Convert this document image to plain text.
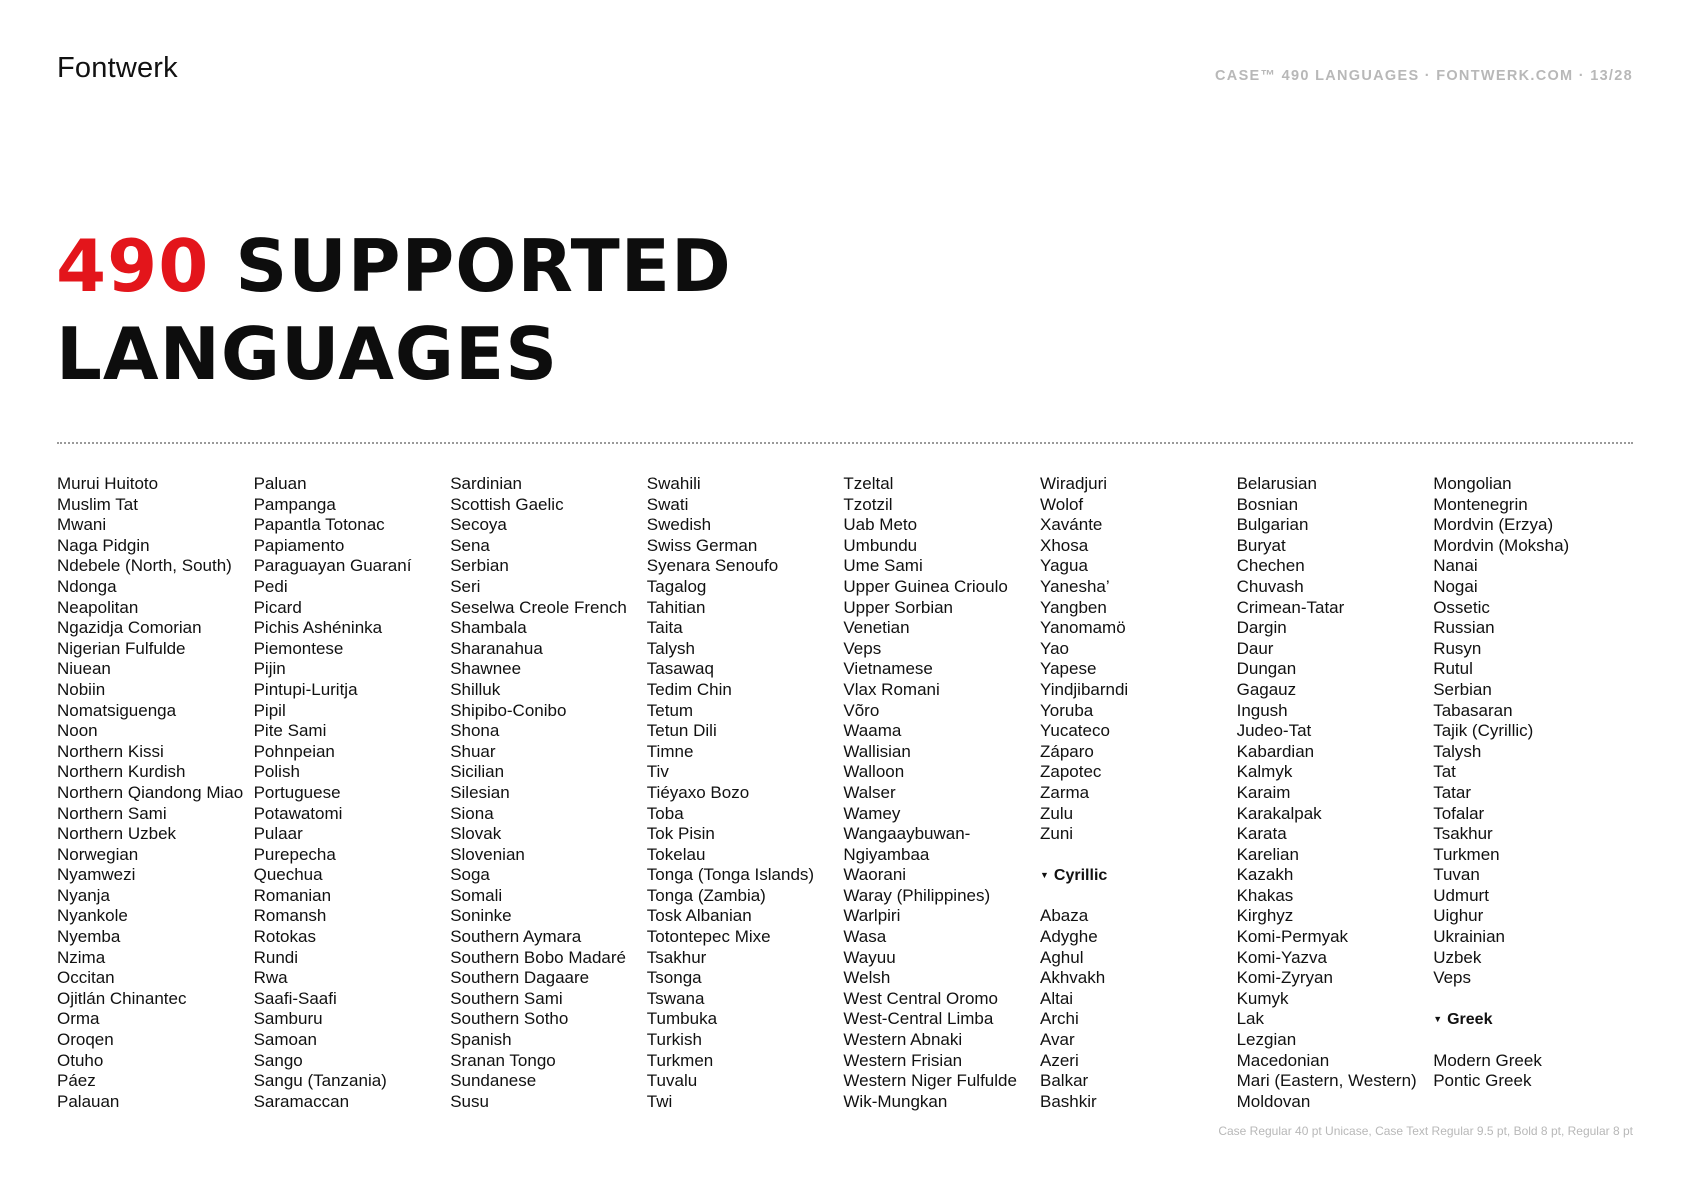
Fontwerk	CASE™ 490 LANGUAGES · FONTWERK.COM · 13/28
490 SUPPORTED
LANGUAGES
Murui Huitoto
Muslim Tat
Mwani
Naga Pidgin
Ndebele (North, South)
Ndonga
Neapolitan
Ngazidja Comorian
Nigerian Fulfulde
Niuean
Nobiin
Nomatsiguenga
Noon
Northern Kissi
Northern Kurdish
Northern Qiandong Miao
Northern Sami
Northern Uzbek
Norwegian
Nyamwezi
Nyanja
Nyankole
Nyemba
Nzima
Occitan
Ojitlán Chinantec
Orma
Oroqen
Otuho
Páez
Palauan
Paluan
Pampanga
Papantla Totonac
Papiamento
Paraguayan Guaraní
Pedi
Picard
Pichis Ashéninka
Piemontese
Pijin
Pintupi-Luritja
Pipil
Pite Sami
Pohnpeian
Polish
Portuguese
Potawatomi
Pulaar
Purepecha
Quechua
Romanian
Romansh
Rotokas
Rundi
Rwa
Saafi-Saafi
Samburu
Samoan
Sango
Sangu (Tanzania)
Saramaccan
Sardinian
Scottish Gaelic
Secoya
Sena
Serbian
Seri
Seselwa Creole French
Shambala
Sharanahua
Shawnee
Shilluk
Shipibo-Conibo
Shona
Shuar
Sicilian
Silesian
Siona
Slovak
Slovenian
Soga
Somali
Soninke
Southern Aymara
Southern Bobo Madaré
Southern Dagaare
Southern Sami
Southern Sotho
Spanish
Sranan Tongo
Sundanese
Susu
Swahili
Swati
Swedish
Swiss German
Syenara Senoufo
Tagalog
Tahitian
Taita
Talysh
Tasawaq
Tedim Chin
Tetum
Tetun Dili
Timne
Tiv
Tiéyaxo Bozo
Toba
Tok Pisin
Tokelau
Tonga (Tonga Islands)
Tonga (Zambia)
Tosk Albanian
Totontepec Mixe
Tsakhur
Tsonga
Tswana
Tumbuka
Turkish
Turkmen
Tuvalu
Twi
Tzeltal
Tzotzil
Uab Meto
Umbundu
Ume Sami
Upper Guinea Crioulo
Upper Sorbian
Venetian
Veps
Vietnamese
Vlax Romani
Võro
Waama
Wallisian
Walloon
Walser
Wamey
Wangaaybuwan-
Ngiyambaa
Waorani
Waray (Philippines)
Warlpiri
Wasa
Wayuu
Welsh
West Central Oromo
West-Central Limba
Western Abnaki
Western Frisian
Western Niger Fulfulde
Wik-Mungkan
Wiradjuri
Wolof
Xavánte
Xhosa
Yagua
Yanesha’
Yangben
Yanomamö
Yao
Yapese
Yindjibarndi
Yoruba
Yucateco
Záparo
Zapotec
Zarma
Zulu
Zuni
▼ Cyrillic
Abaza
Adyghe
Aghul
Akhvakh
Altai
Archi
Avar
Azeri
Balkar
Bashkir
Belarusian
Bosnian
Bulgarian
Buryat
Chechen
Chuvash
Crimean-Tatar
Dargin
Daur
Dungan
Gagauz
Ingush
Judeo-Tat
Kabardian
Kalmyk
Karaim
Karakalpak
Karata
Karelian
Kazakh
Khakas
Kirghyz
Komi-Permyak
Komi-Yazva
Komi-Zyryan
Kumyk
Lak
Lezgian
Macedonian
Mari (Eastern, Western)
Moldovan
Mongolian
Montenegrin
Mordvin (Erzya)
Mordvin (Moksha)
Nanai
Nogai
Ossetic
Russian
Rusyn
Rutul
Serbian
Tabasaran
Tajik (Cyrillic)
Talysh
Tat
Tatar
Tofalar
Tsakhur
Turkmen
Tuvan
Udmurt
Uighur
Ukrainian
Uzbek
Veps
▼ Greek
Modern Greek
Pontic Greek
Case Regular 40 pt Unicase, Case Text Regular 9.5 pt, Bold 8 pt, Regular 8 pt
